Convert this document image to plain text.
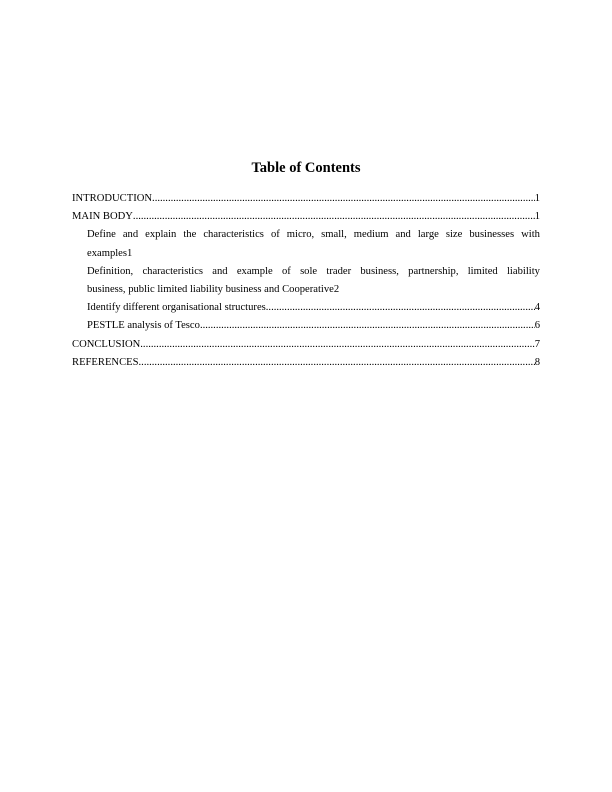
Table of Contents
INTRODUCTION .....	1
MAIN BODY .....	1
Define and explain the characteristics of micro, small, medium and large size businesses with
examples 1
Definition, characteristics and example of sole trader business, partnership, limited liability
business, public limited liability business and Cooperative 2
Identify different organisational structures .....	4
PESTLE analysis of Tesco .....	6
CONCLUSION .....	7
REFERENCES .....	8
